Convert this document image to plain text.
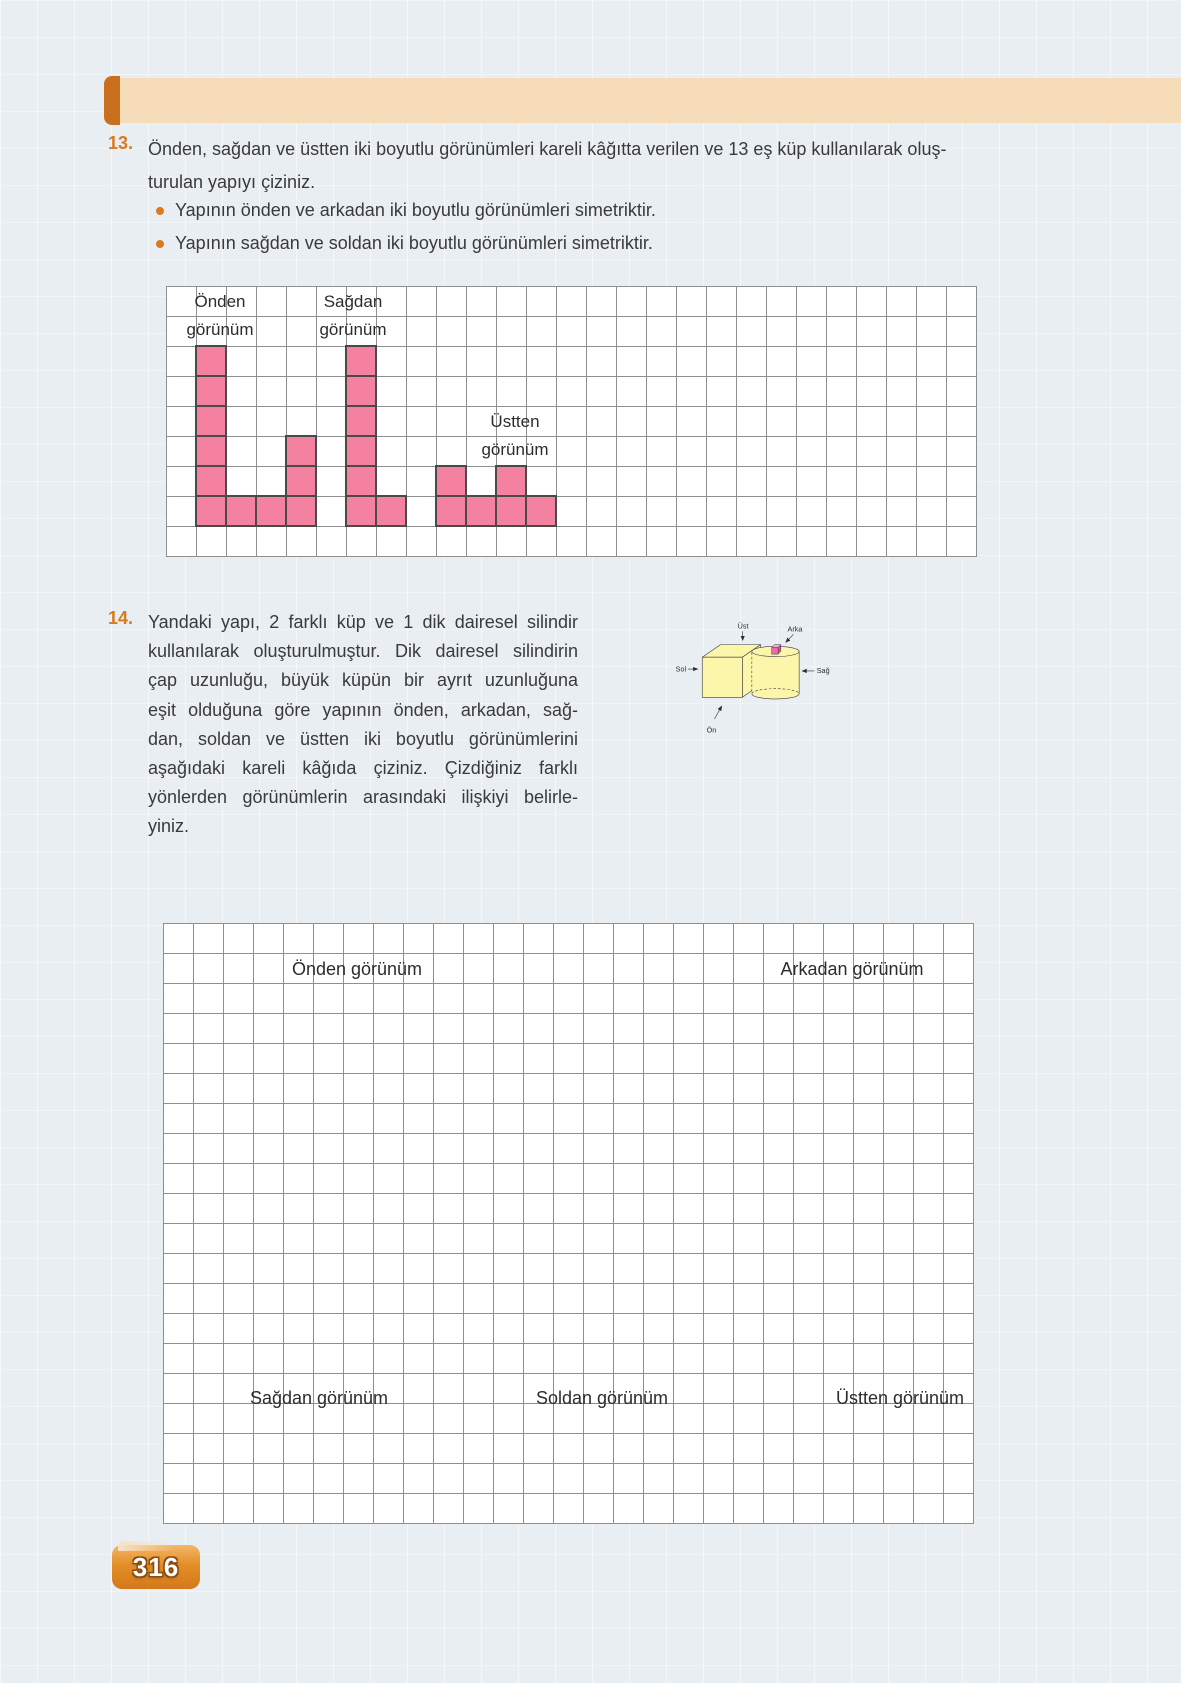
13. Önden, sağdan ve üstten iki boyutlu görünümleri kareli kâğıtta verilen ve 13 eş küp kullanılarak oluş-
turulan yapıyı çiziniz.
Yapının önden ve arkadan iki boyutlu görünümleri simetriktir.
Yapının sağdan ve soldan iki boyutlu görünümleri simetriktir.
Önden
görünüm
Sağdan
görünüm
Üstten
görünüm
14. Yandaki yapı, 2 farklı küp ve 1 dik dairesel silindir
kullanılarak oluşturulmuştur. Dik dairesel silindirin
çap uzunluğu, büyük küpün bir ayrıt uzunluğuna
eşit olduğuna göre yapının önden, arkadan, sağ-
dan, soldan ve üstten iki boyutlu görünümlerini
aşağıdaki kareli kâğıda çiziniz. Çizdiğiniz farklı
yönlerden görünümlerin arasındaki ilişkiyi belirle-
yiniz.
Üst Arka
Sol	Sağ
Ön
Önden görünüm	Arkadan görünüm
Sağdan görünüm	Soldan görünüm	Üstten görünüm
316
